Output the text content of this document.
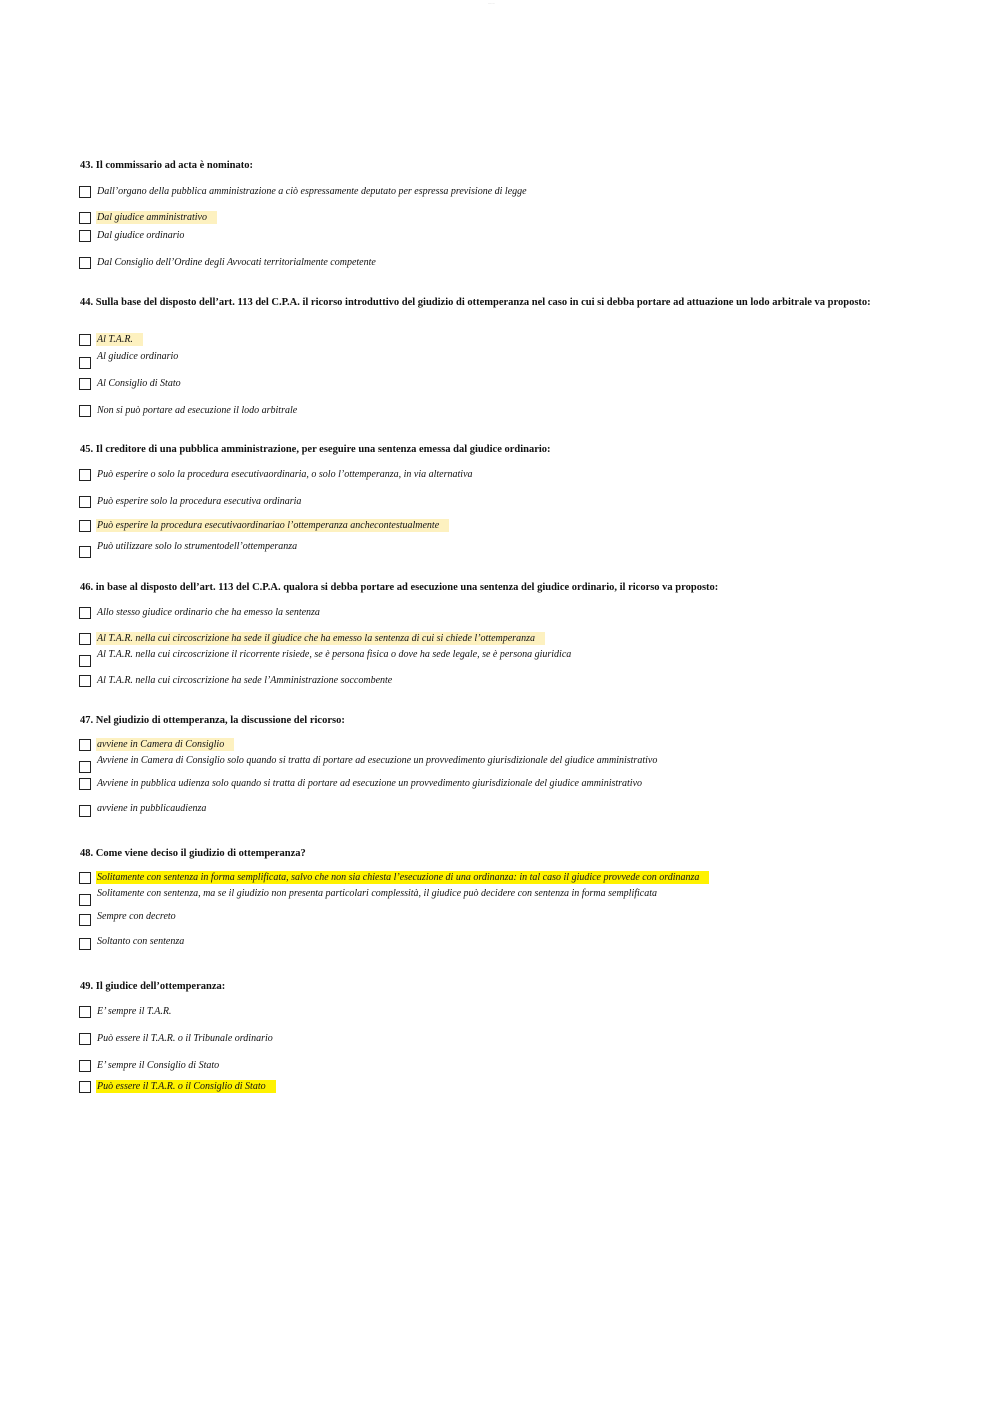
......
43. Il commissario ad acta è nominato:
Dall’organo della pubblica amministrazione a ciò espressamente deputato per espressa previsione di legge
Dal giudice amministrativo
Dal giudice ordinario
Dal Consiglio dell’Ordine degli Avvocati territorialmente competente
44. Sulla base del disposto dell’art. 113 del C.P.A. il ricorso introduttivo del giudizio di ottemperanza nel caso in cui si debba portare ad attuazione un lodo arbitrale va proposto:
Al T.A.R.
Al giudice ordinario
Al Consiglio di Stato
Non si può portare ad esecuzione il lodo arbitrale
45. Il creditore di una pubblica amministrazione, per eseguire una sentenza emessa dal giudice ordinario:
Può esperire o solo la procedura esecutivaordinaria, o solo l’ottemperanza, in via alternativa
Può esperire solo la procedura esecutiva ordinaria
Può esperire la procedura esecutivaordinariao l’ottemperanza anchecontestualmente
Può utilizzare solo lo strumentodell’ottemperanza
46. in base al disposto dell’art. 113 del C.P.A. qualora si debba portare ad esecuzione una sentenza del giudice ordinario, il ricorso va proposto:
Allo stesso giudice ordinario che ha emesso la sentenza
Al T.A.R. nella cui circoscrizione ha sede il giudice che ha emesso la sentenza di cui si chiede l’ottemperanza
Al T.A.R. nella cui circoscrizione il ricorrente risiede, se è persona fisica o dove ha sede legale, se è persona giuridica
Al T.A.R. nella cui circoscrizione ha sede l’Amministrazione soccombente
47. Nel giudizio di ottemperanza, la discussione del ricorso:
avviene in Camera di Consiglio
Avviene in Camera di Consiglio solo quando si tratta di portare ad esecuzione un provvedimento giurisdizionale del giudice amministrativo
Avviene in pubblica udienza solo quando si tratta di portare ad esecuzione un provvedimento giurisdizionale del giudice amministrativo
avviene in pubblicaudienza
48. Come viene deciso il giudizio di ottemperanza?
Solitamente con sentenza in forma semplificata, salvo che non sia chiesta l’esecuzione di una ordinanza: in tal caso il giudice provvede con ordinanza
Solitamente con sentenza, ma se il giudizio non presenta particolari complessità, il giudice può decidere con sentenza in forma semplificata
Sempre con decreto
Soltanto con sentenza
49. Il giudice dell’ottemperanza:
E’ sempre il T.A.R.
Può essere il T.A.R. o il Tribunale ordinario
E’ sempre il Consiglio di Stato
Può essere il T.A.R. o il Consiglio di Stato
